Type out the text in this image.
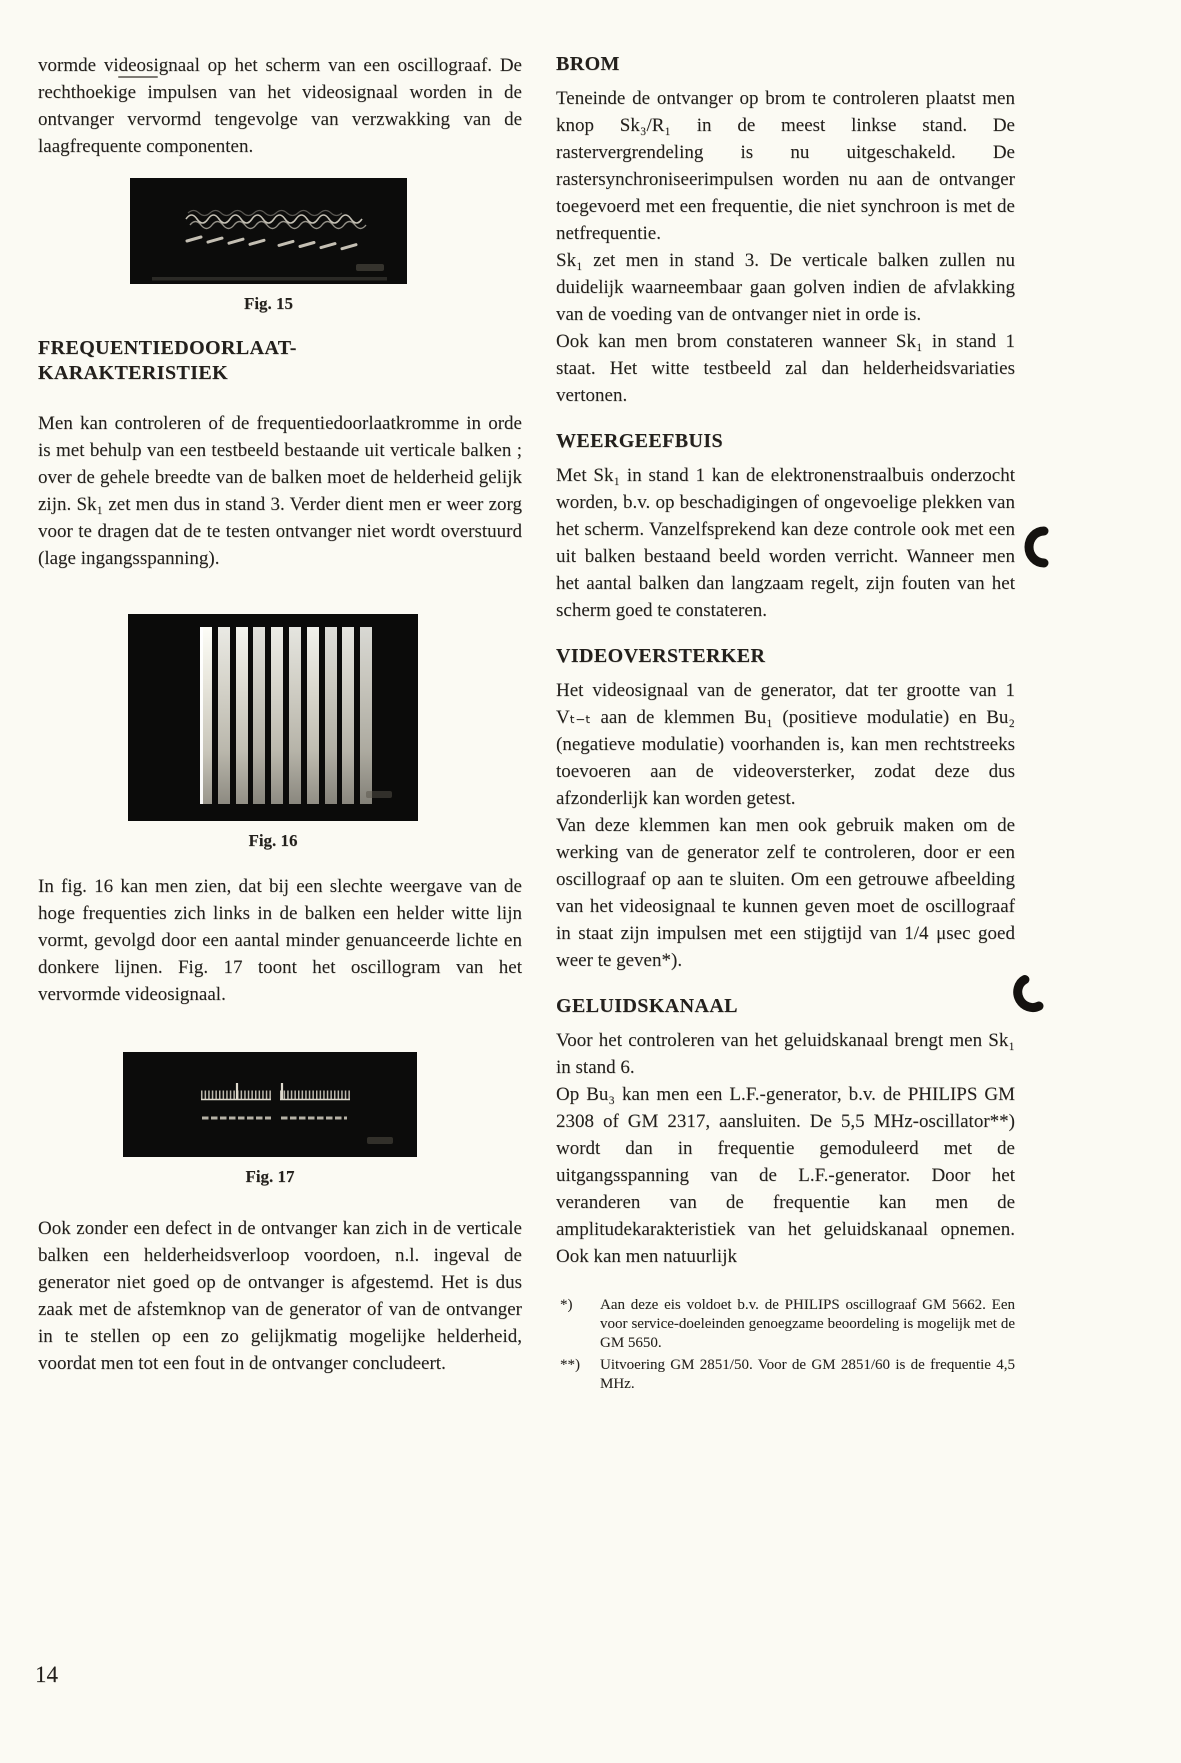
vormde videosignaal op het scherm van een oscillograaf. De rechthoekige impulsen van het videosignaal worden in de ontvanger vervormd tengevolge van verzwakking van de laagfrequente componenten.

Fig. 15
FREQUENTIEDOORLAAT-
KARAKTERISTIEK

Men kan controleren of de frequentiedoorlaatkromme in orde is met behulp van een testbeeld bestaande uit verticale balken ; over de gehele breedte van de balken moet de helderheid gelijk zijn. Sk₁ zet men dus in stand 3. Verder dient men er weer zorg voor te dragen dat de te testen ontvanger niet wordt overstuurd (lage ingangsspanning).

Fig. 16

In fig. 16 kan men zien, dat bij een slechte weergave van de hoge frequenties zich links in de balken een helder witte lijn vormt, gevolgd door een aantal minder genuanceerde lichte en donkere lijnen. Fig. 17 toont het oscillogram van het vervormde videosignaal.

Fig. 17

Ook zonder een defect in de ontvanger kan zich in de verticale balken een helderheidsverloop voordoen, n.l. ingeval de generator niet goed op de ontvanger is afgestemd. Het is dus zaak met de afstemknop van de generator of van de ontvanger in te stellen op een zo gelijkmatig mogelijke helderheid, voordat men tot een fout in de ontvanger concludeert.

BROM

Teneinde de ontvanger op brom te controleren plaatst men knop Sk₃/R₁ in de meest linkse stand. De rastervergrendeling is nu uitgeschakeld. De rastersynchroniseerimpulsen worden nu aan de ontvanger toegevoerd met een frequentie, die niet synchroon is met de netfrequentie.

Sk₁ zet men in stand 3. De verticale balken zullen nu duidelijk waarneembaar gaan golven indien de afvlakking van de voeding van de ontvanger niet in orde is.

Ook kan men brom constateren wanneer Sk₁ in stand 1 staat. Het witte testbeeld zal dan helderheidsvariaties vertonen.

WEERGEEFBUIS

Met Sk₁ in stand 1 kan de elektronenstraalbuis onderzocht worden, b.v. op beschadigingen of ongevoelige plekken van het scherm. Vanzelfsprekend kan deze controle ook met een uit balken bestaand beeld worden verricht. Wanneer men het aantal balken dan langzaam regelt, zijn fouten van het scherm goed te constateren.

VIDEOVERSTERKER

Het videosignaal van de generator, dat ter grootte van 1 Vₜ₋ₜ aan de klemmen Bu₁ (positieve modulatie) en Bu₂ (negatieve modulatie) voorhanden is, kan men rechtstreeks toevoeren aan de videoversterker, zodat deze dus afzonderlijk kan worden getest.

Van deze klemmen kan men ook gebruik maken om de werking van de generator zelf te controleren, door er een oscillograaf op aan te sluiten. Om een getrouwe afbeelding van het videosignaal te kunnen geven moet de oscillograaf in staat zijn impulsen met een stijgtijd van 1/4 μsec goed weer te geven*).

GELUIDSKANAAL

Voor het controleren van het geluidskanaal brengt men Sk₁ in stand 6.

Op Bu₃ kan men een L.F.-generator, b.v. de PHILIPS GM 2308 of GM 2317, aansluiten. De 5,5 MHz-oscillator**) wordt dan in frequentie gemoduleerd met de uitgangsspanning van de L.F.-generator. Door het veranderen van de frequentie kan men de amplitudekarakteristiek van het geluidskanaal opnemen. Ook kan men natuurlijk

*)	Aan deze eis voldoet b.v. de PHILIPS oscillograaf GM 5662. Een voor service-doeleinden genoegzame beoordeling is mogelijk met de GM 5650.
**)	Uitvoering GM 2851/50. Voor de GM 2851/60 is de frequentie 4,5 MHz.
14
